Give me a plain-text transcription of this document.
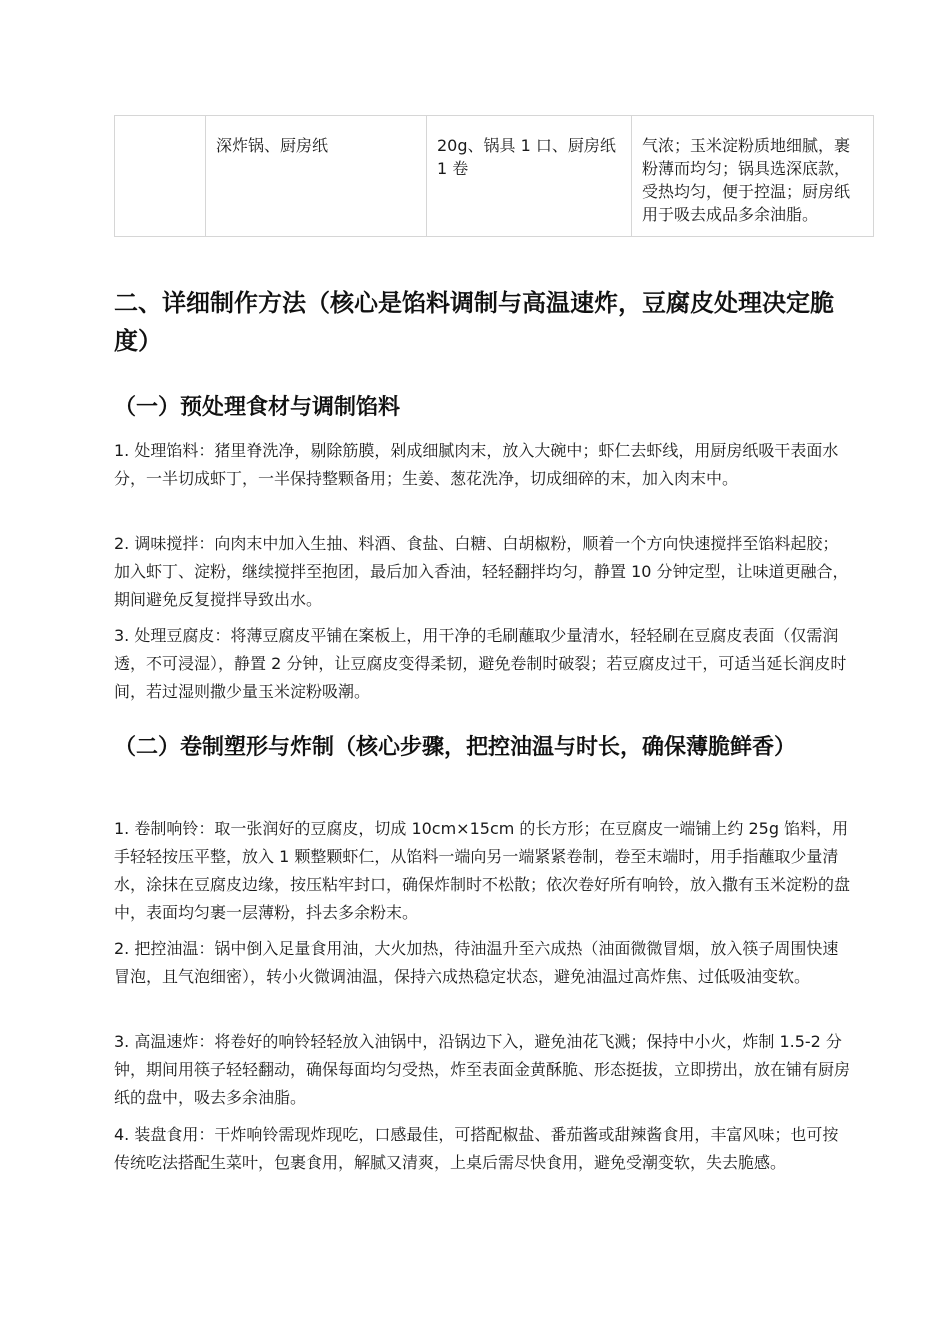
	深炸锅、厨房纸	20g、锅具 1 口、厨房纸 1 卷	气浓；玉米淀粉质地细腻，裹粉薄而均匀；锅具选深底款，受热均匀，便于控温；厨房纸用于吸去成品多余油脂。
二、详细制作方法（核心是馅料调制与高温速炸，豆腐皮处理决定脆度）
（一）预处理食材与调制馅料

1. 处理馅料：猪里脊洗净，剔除筋膜，剁成细腻肉末，放入大碗中；虾仁去虾线，用厨房纸吸干表面水分，一半切成虾丁，一半保持整颗备用；生姜、葱花洗净，切成细碎的末，加入肉末中。

2. 调味搅拌：向肉末中加入生抽、料酒、食盐、白糖、白胡椒粉，顺着一个方向快速搅拌至馅料起胶；加入虾丁、淀粉，继续搅拌至抱团，最后加入香油，轻轻翻拌均匀，静置 10 分钟定型，让味道更融合，期间避免反复搅拌导致出水。

3. 处理豆腐皮：将薄豆腐皮平铺在案板上，用干净的毛刷蘸取少量清水，轻轻刷在豆腐皮表面（仅需润透，不可浸湿），静置 2 分钟，让豆腐皮变得柔韧，避免卷制时破裂；若豆腐皮过干，可适当延长润皮时间，若过湿则撒少量玉米淀粉吸潮。

（二）卷制塑形与炸制（核心步骤，把控油温与时长，确保薄脆鲜香）

1. 卷制响铃：取一张润好的豆腐皮，切成 10cm×15cm 的长方形；在豆腐皮一端铺上约 25g 馅料，用手轻轻按压平整，放入 1 颗整颗虾仁，从馅料一端向另一端紧紧卷制，卷至末端时，用手指蘸取少量清水，涂抹在豆腐皮边缘，按压粘牢封口，确保炸制时不松散；依次卷好所有响铃，放入撒有玉米淀粉的盘中，表面均匀裹一层薄粉，抖去多余粉末。

2. 把控油温：锅中倒入足量食用油，大火加热，待油温升至六成热（油面微微冒烟，放入筷子周围快速冒泡，且气泡细密），转小火微调油温，保持六成热稳定状态，避免油温过高炸焦、过低吸油变软。

3. 高温速炸：将卷好的响铃轻轻放入油锅中，沿锅边下入，避免油花飞溅；保持中小火，炸制 1.5-2 分钟，期间用筷子轻轻翻动，确保每面均匀受热，炸至表面金黄酥脆、形态挺拔，立即捞出，放在铺有厨房纸的盘中，吸去多余油脂。

4. 装盘食用：干炸响铃需现炸现吃，口感最佳，可搭配椒盐、番茄酱或甜辣酱食用，丰富风味；也可按传统吃法搭配生菜叶，包裹食用，解腻又清爽，上桌后需尽快食用，避免受潮变软，失去脆感。
